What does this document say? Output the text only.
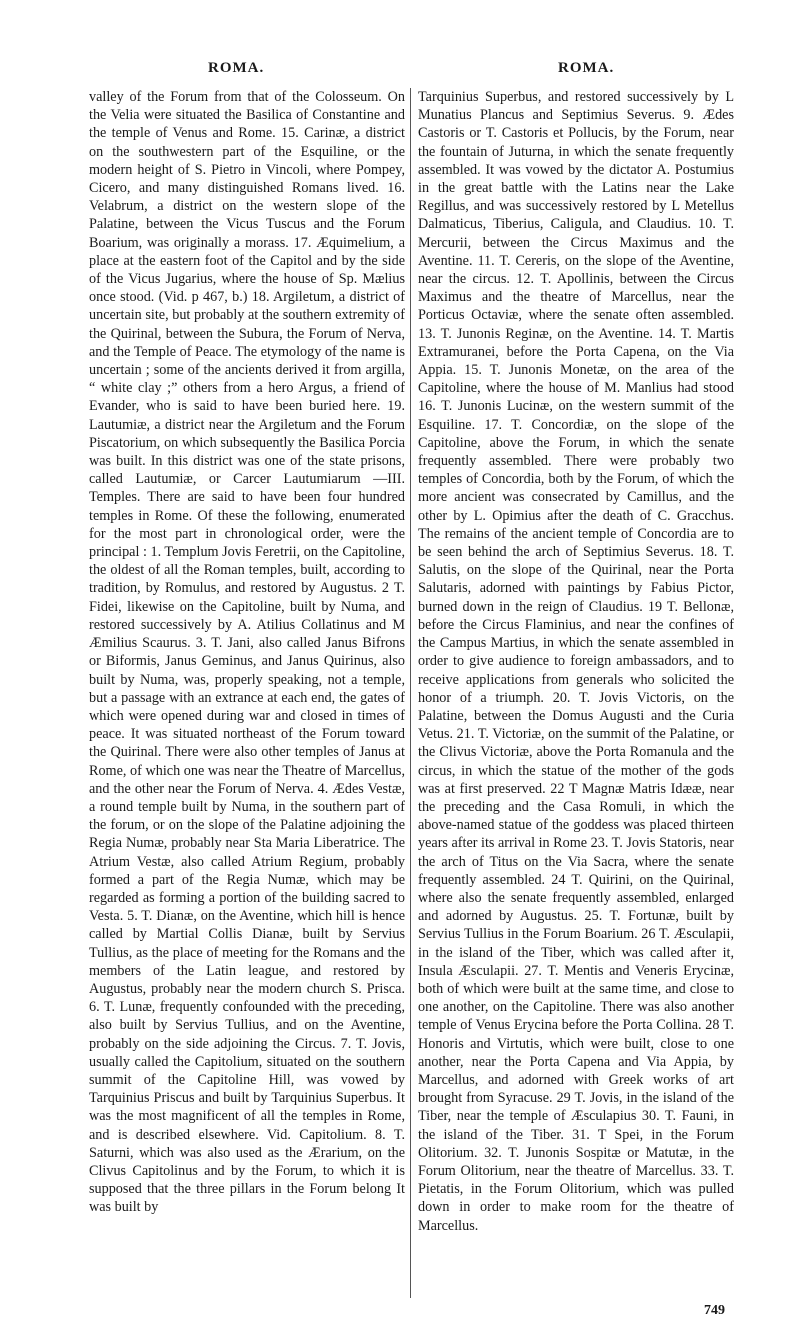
ROMA.	ROMA.

valley of the Forum from that of the Colosseum. On the Velia were situated the Basilica of Constantine and the temple of Venus and Rome. 15. Carinæ, a district on the southwestern part of the Esquiline, or the modern height of S. Pietro in Vincoli, where Pompey, Cicero, and many distinguished Romans lived. 16. Velabrum, a district on the western slope of the Palatine, between the Vicus Tuscus and the Forum Boarium, was originally a morass. 17. Æquimelium, a place at the eastern foot of the Capitol and by the side of the Vicus Jugarius, where the house of Sp. Mælius once stood. (Vid. p 467, b.) 18. Argiletum, a district of uncertain site, but probably at the southern extremity of the Quirinal, between the Subura, the Forum of Nerva, and the Temple of Peace. The etymology of the name is uncertain ; some of the ancients derived it from argilla, “ white clay ;” others from a hero Argus, a friend of Evander, who is said to have been buried here. 19. Lautumiæ, a district near the Argiletum and the Forum Piscatorium, on which subsequently the Basilica Porcia was built. In this district was one of the state prisons, called Lautumiæ, or Carcer Lautumiarum —III. Temples. There are said to have been four hundred temples in Rome. Of these the following, enumerated for the most part in chronological order, were the principal : 1. Templum Jovis Feretrii, on the Capitoline, the oldest of all the Roman temples, built, according to tradition, by Romulus, and restored by Augustus. 2 T. Fidei, likewise on the Capitoline, built by Numa, and restored successively by A. Atilius Collatinus and M Æmilius Scaurus. 3. T. Jani, also called Janus Bifrons or Biformis, Janus Geminus, and Janus Quirinus, also built by Numa, was, properly speaking, not a temple, but a passage with an extrance at each end, the gates of which were opened during war and closed in times of peace. It was situated northeast of the Forum toward the Quirinal. There were also other temples of Janus at Rome, of which one was near the Theatre of Marcellus, and the other near the Forum of Nerva. 4. Ædes Vestæ, a round temple built by Numa, in the southern part of the forum, or on the slope of the Palatine adjoining the Regia Numæ, probably near Sta Maria Liberatrice. The Atrium Vestæ, also called Atrium Regium, probably formed a part of the Regia Numæ, which may be regarded as forming a portion of the building sacred to Vesta. 5. T. Dianæ, on the Aventine, which hill is hence called by Martial Collis Dianæ, built by Servius Tullius, as the place of meeting for the Romans and the members of the Latin league, and restored by Augustus, probably near the modern church S. Prisca. 6. T. Lunæ, frequently confounded with the preceding, also built by Servius Tullius, and on the Aventine, probably on the side adjoining the Circus. 7. T. Jovis, usually called the Capitolium, situated on the southern summit of the Capitoline Hill, was vowed by Tarquinius Priscus and built by Tarquinius Superbus. It was the most magnificent of all the temples in Rome, and is described elsewhere. Vid. Capitolium. 8. T. Saturni, which was also used as the Ærarium, on the Clivus Capitolinus and by the Forum, to which it is supposed that the three pillars in the Forum belong It was built by

Tarquinius Superbus, and restored successively by L Munatius Plancus and Septimius Severus. 9. Ædes Castoris or T. Castoris et Pollucis, by the Forum, near the fountain of Juturna, in which the senate frequently assembled. It was vowed by the dictator A. Postumius in the great battle with the Latins near the Lake Regillus, and was successively restored by L Metellus Dalmaticus, Tiberius, Caligula, and Claudius. 10. T. Mercurii, between the Circus Maximus and the Aventine. 11. T. Cereris, on the slope of the Aventine, near the circus. 12. T. Apollinis, between the Circus Maximus and the theatre of Marcellus, near the Porticus Octaviæ, where the senate often assembled. 13. T. Junonis Reginæ, on the Aventine. 14. T. Martis Extramuranei, before the Porta Capena, on the Via Appia. 15. T. Junonis Monetæ, on the area of the Capitoline, where the house of M. Manlius had stood 16. T. Junonis Lucinæ, on the western summit of the Esquiline. 17. T. Concordiæ, on the slope of the Capitoline, above the Forum, in which the senate frequently assembled. There were probably two temples of Concordia, both by the Forum, of which the more ancient was consecrated by Camillus, and the other by L. Opimius after the death of C. Gracchus. The remains of the ancient temple of Concordia are to be seen behind the arch of Septimius Severus. 18. T. Salutis, on the slope of the Quirinal, near the Porta Salutaris, adorned with paintings by Fabius Pictor, burned down in the reign of Claudius. 19 T. Bellonæ, before the Circus Flaminius, and near the confines of the Campus Martius, in which the senate assembled in order to give audience to foreign ambassadors, and to receive applications from generals who solicited the honor of a triumph. 20. T. Jovis Victoris, on the Palatine, between the Domus Augusti and the Curia Vetus. 21. T. Victoriæ, on the summit of the Palatine, or the Clivus Victoriæ, above the Porta Romanula and the circus, in which the statue of the mother of the gods was at first preserved. 22 T Magnæ Matris Idææ, near the preceding and the Casa Romuli, in which the above-named statue of the goddess was placed thirteen years after its arrival in Rome 23. T. Jovis Statoris, near the arch of Titus on the Via Sacra, where the senate frequently assembled. 24 T. Quirini, on the Quirinal, where also the senate frequently assembled, enlarged and adorned by Augustus. 25. T. Fortunæ, built by Servius Tullius in the Forum Boarium. 26 T. Æsculapii, in the island of the Tiber, which was called after it, Insula Æsculapii. 27. T. Mentis and Veneris Erycinæ, both of which were built at the same time, and close to one another, on the Capitoline. There was also another temple of Venus Erycina before the Porta Collina. 28 T. Honoris and Virtutis, which were built, close to one another, near the Porta Capena and Via Appia, by Marcellus, and adorned with Greek works of art brought from Syracuse. 29 T. Jovis, in the island of the Tiber, near the temple of Æsculapius 30. T. Fauni, in the island of the Tiber. 31. T Spei, in the Forum Olitorium. 32. T. Junonis Sospitæ or Matutæ, in the Forum Olitorium, near the theatre of Marcellus. 33. T. Pietatis, in the Forum Olitorium, which was pulled down in order to make room for the theatre of Marcellus.

749
